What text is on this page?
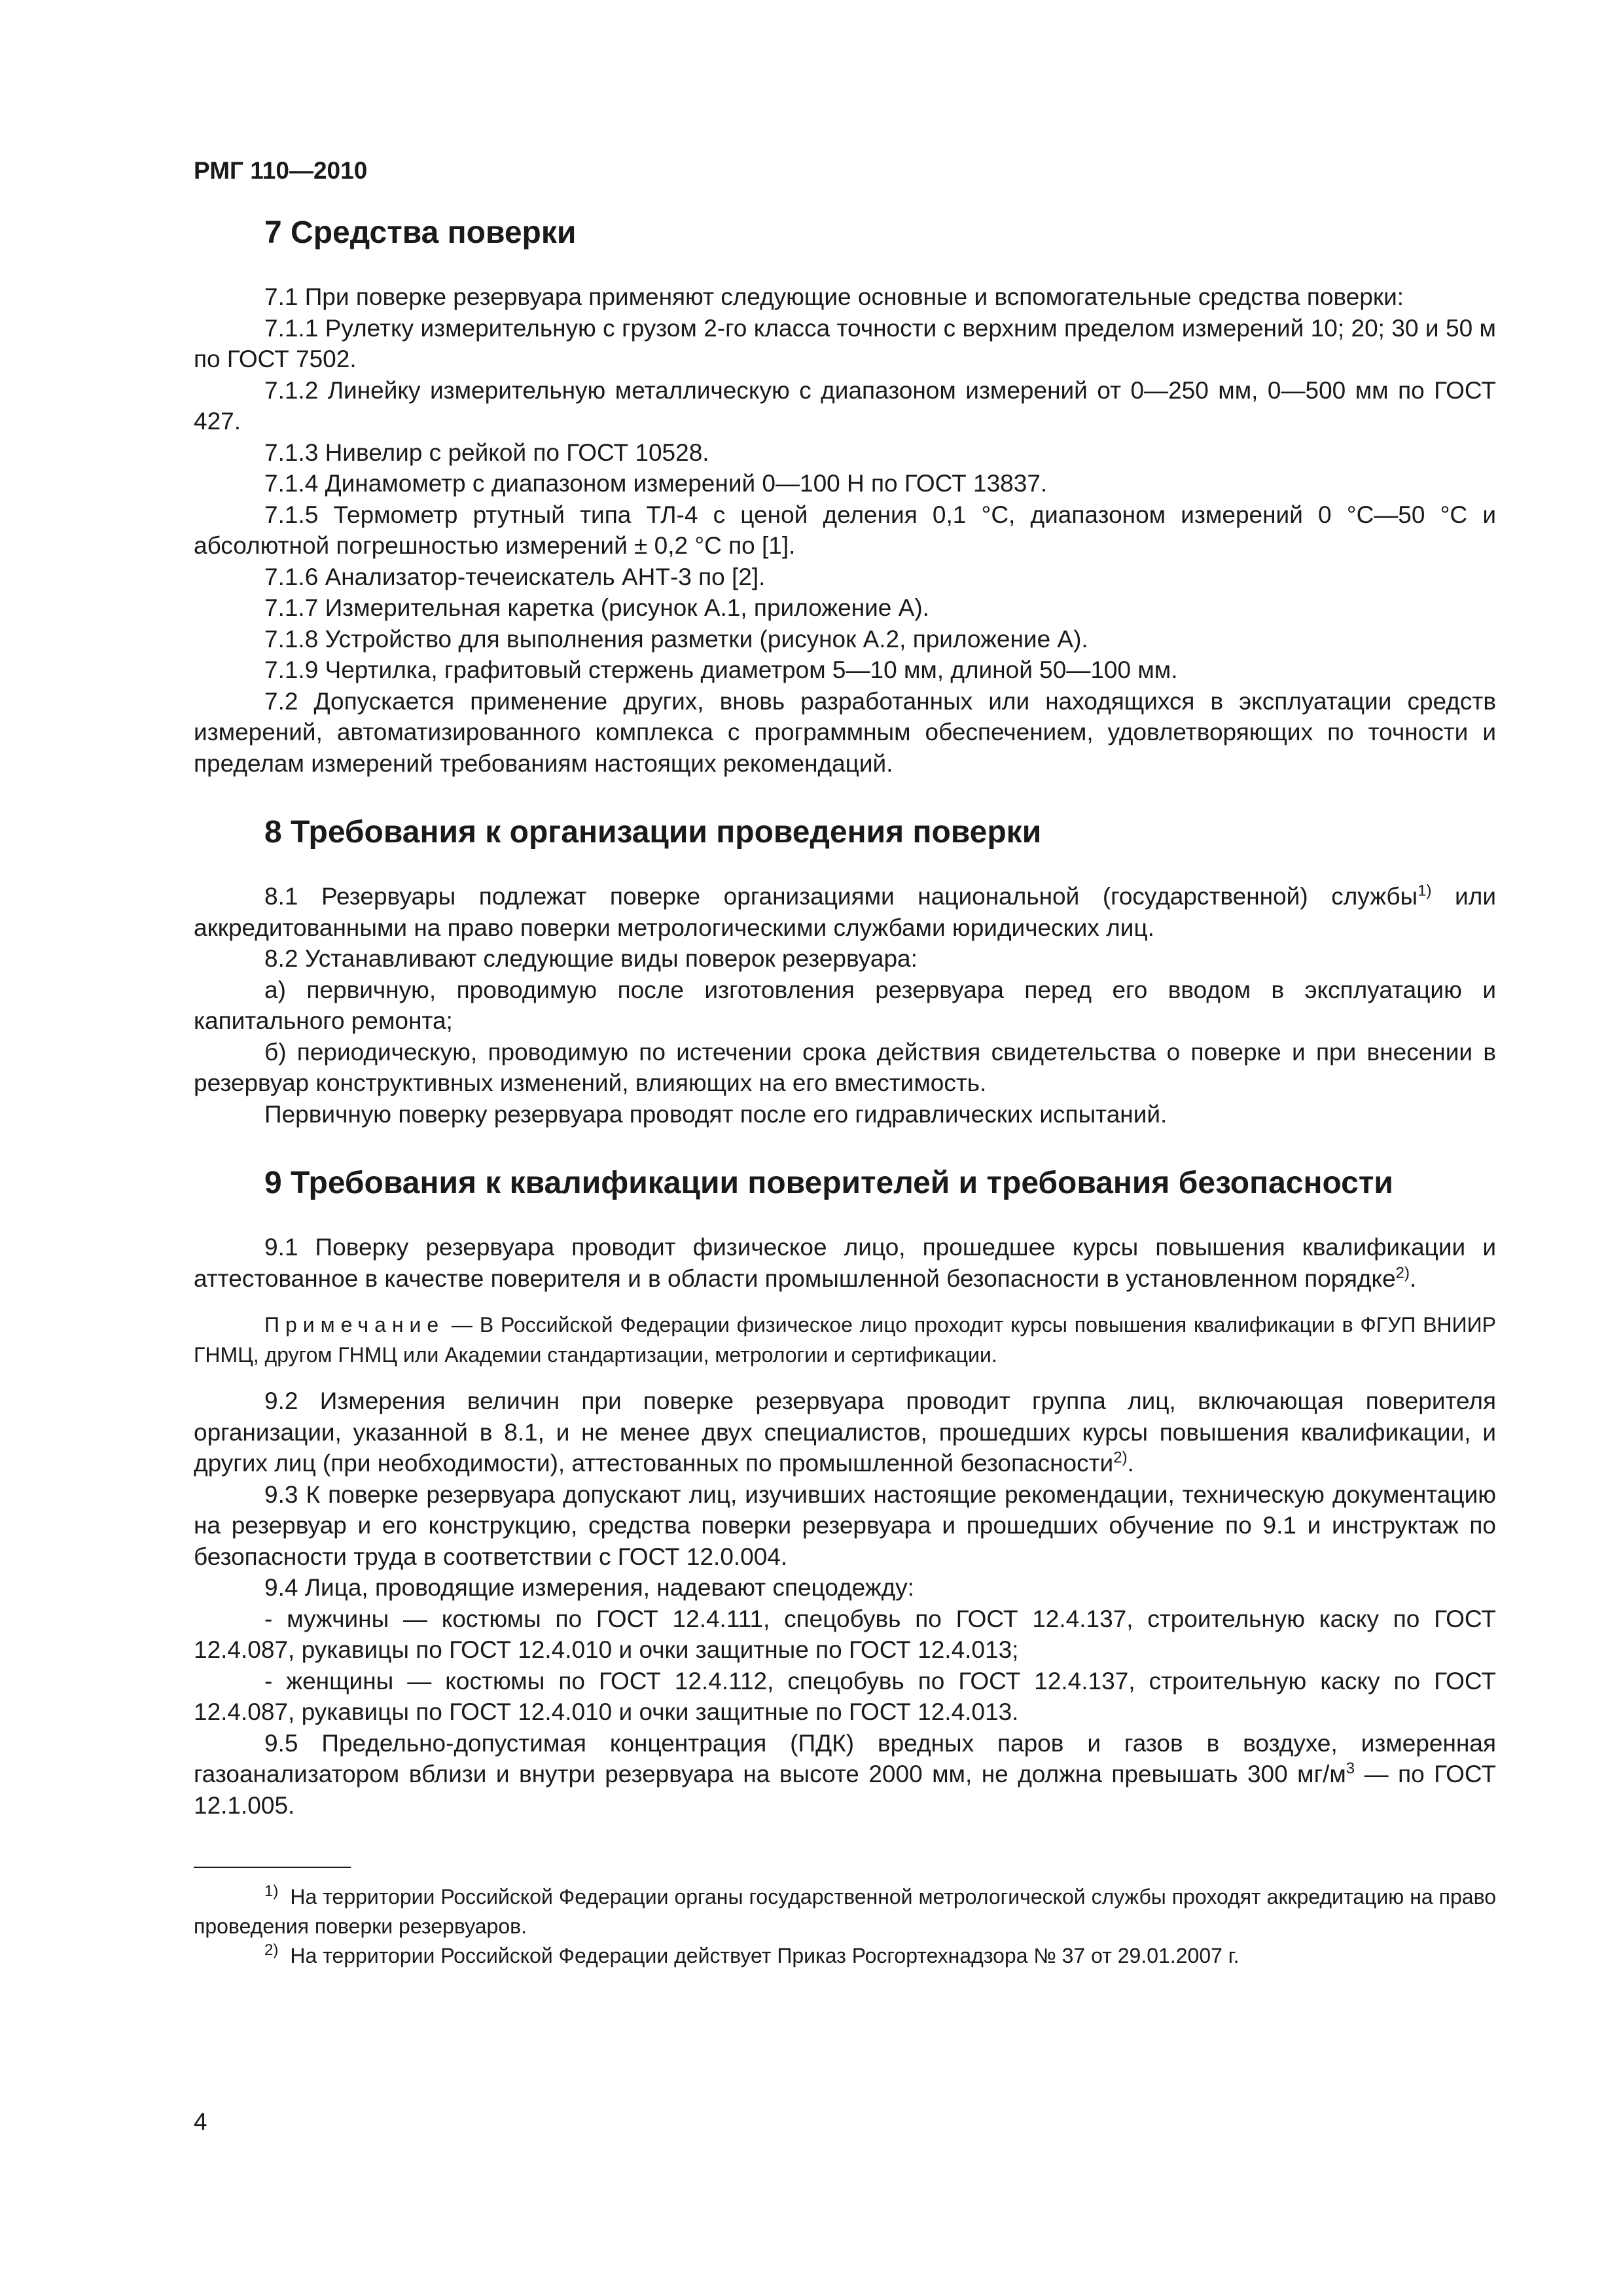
РМГ 110—2010
7 Средства поверки

7.1 При поверке резервуара применяют следующие основные и вспомогательные средства поверки:

7.1.1 Рулетку измерительную с грузом 2-го класса точности с верхним пределом измерений 10; 20; 30 и 50 м по ГОСТ 7502.

7.1.2 Линейку измерительную металлическую с диапазоном измерений от 0—250 мм, 0—500 мм по ГОСТ 427.

7.1.3 Нивелир с рейкой по ГОСТ 10528.

7.1.4 Динамометр с диапазоном измерений 0—100 Н по ГОСТ 13837.

7.1.5 Термометр ртутный типа ТЛ-4 с ценой деления 0,1 °С, диапазоном измерений 0 °С—50 °С и абсолютной погрешностью измерений ± 0,2 °С по [1].

7.1.6 Анализатор-течеискатель АНТ-3 по [2].

7.1.7 Измерительная каретка (рисунок А.1, приложение А).

7.1.8 Устройство для выполнения разметки (рисунок А.2, приложение А).

7.1.9 Чертилка, графитовый стержень диаметром 5—10 мм, длиной 50—100 мм.

7.2 Допускается применение других, вновь разработанных или находящихся в эксплуатации средств измерений, автоматизированного комплекса с программным обеспечением, удовлетворяющих по точности и пределам измерений требованиям настоящих рекомендаций.

8 Требования к организации проведения поверки

8.1 Резервуары подлежат поверке организациями национальной (государственной) службы$^{1)}$ или аккредитованными на право поверки метрологическими службами юридических лиц.

8.2 Устанавливают следующие виды поверок резервуара:

а) первичную, проводимую после изготовления резервуара перед его вводом в эксплуатацию и капитального ремонта;

б) периодическую, проводимую по истечении срока действия свидетельства о поверке и при внесении в резервуар конструктивных изменений, влияющих на его вместимость.

Первичную поверку резервуара проводят после его гидравлических испытаний.

9 Требования к квалификации поверителей и требования безопасности

9.1 Поверку резервуара проводит физическое лицо, прошедшее курсы повышения квалификации и аттестованное в качестве поверителя и в области промышленной безопасности в установленном порядке$^{2)}$.

Примечание — В Российской Федерации физическое лицо проходит курсы повышения квалификации в ФГУП ВНИИР ГНМЦ, другом ГНМЦ или Академии стандартизации, метрологии и сертификации.

9.2 Измерения величин при поверке резервуара проводит группа лиц, включающая поверителя организации, указанной в 8.1, и не менее двух специалистов, прошедших курсы повышения квалификации, и других лиц (при необходимости), аттестованных по промышленной безопасности$^{2)}$.

9.3 К поверке резервуара допускают лиц, изучивших настоящие рекомендации, техническую документацию на резервуар и его конструкцию, средства поверки резервуара и прошедших обучение по 9.1 и инструктаж по безопасности труда в соответствии с ГОСТ 12.0.004.

9.4 Лица, проводящие измерения, надевают спецодежду:

- мужчины — костюмы по ГОСТ 12.4.111, спецобувь по ГОСТ 12.4.137, строительную каску по ГОСТ 12.4.087, рукавицы по ГОСТ 12.4.010 и очки защитные по ГОСТ 12.4.013;

- женщины — костюмы по ГОСТ 12.4.112, спецобувь по ГОСТ 12.4.137, строительную каску по ГОСТ 12.4.087, рукавицы по ГОСТ 12.4.010 и очки защитные по ГОСТ 12.4.013.

9.5 Предельно-допустимая концентрация (ПДК) вредных паров и газов в воздухе, измеренная газоанализатором вблизи и внутри резервуара на высоте 2000 мм, не должна превышать 300 $мг/м^3$ — по ГОСТ 12.1.005.

$^{1)}$ На территории Российской Федерации органы государственной метрологической службы проходят аккредитацию на право проведения поверки резервуаров.

$^{2)}$ На территории Российской Федерации действует Приказ Росгортехнадзора № 37 от 29.01.2007 г.

4
